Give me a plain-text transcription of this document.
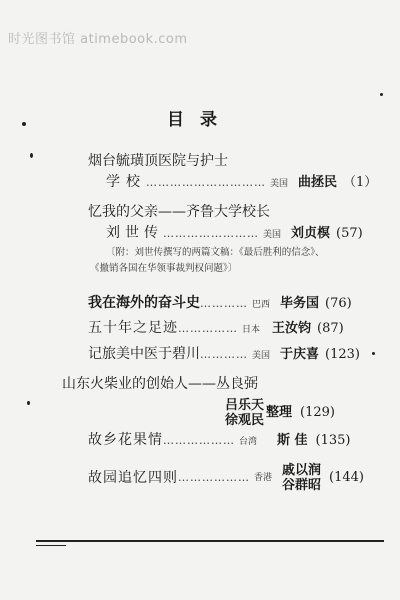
时光图书馆 atimebook.com
目录
烟台毓璜顶医院与护士
学校………………………… 美国 曲拯民 （1）
忆我的父亲——齐鲁大学校长
刘世传…………………… 美国 刘贞榠 (57)
〔附：刘世传撰写的两篇文稿：《最后胜利的信念》、
《撤销各国在华领事裁判权问题》〕
我在海外的奋斗史………… 巴西 毕务国 (76)
五十年之足迹…………… 日本 王汝钧 (87)
记旅美中医于碧川………… 美国 于庆喜 (123)
山东火柴业的创始人——丛良弼
吕乐天
徐观民
整理 (129)
故乡花果情……………… 台湾 斯 佳 (135)
故园追忆四则……………… 香港 戚以润
谷群昭
(144)
